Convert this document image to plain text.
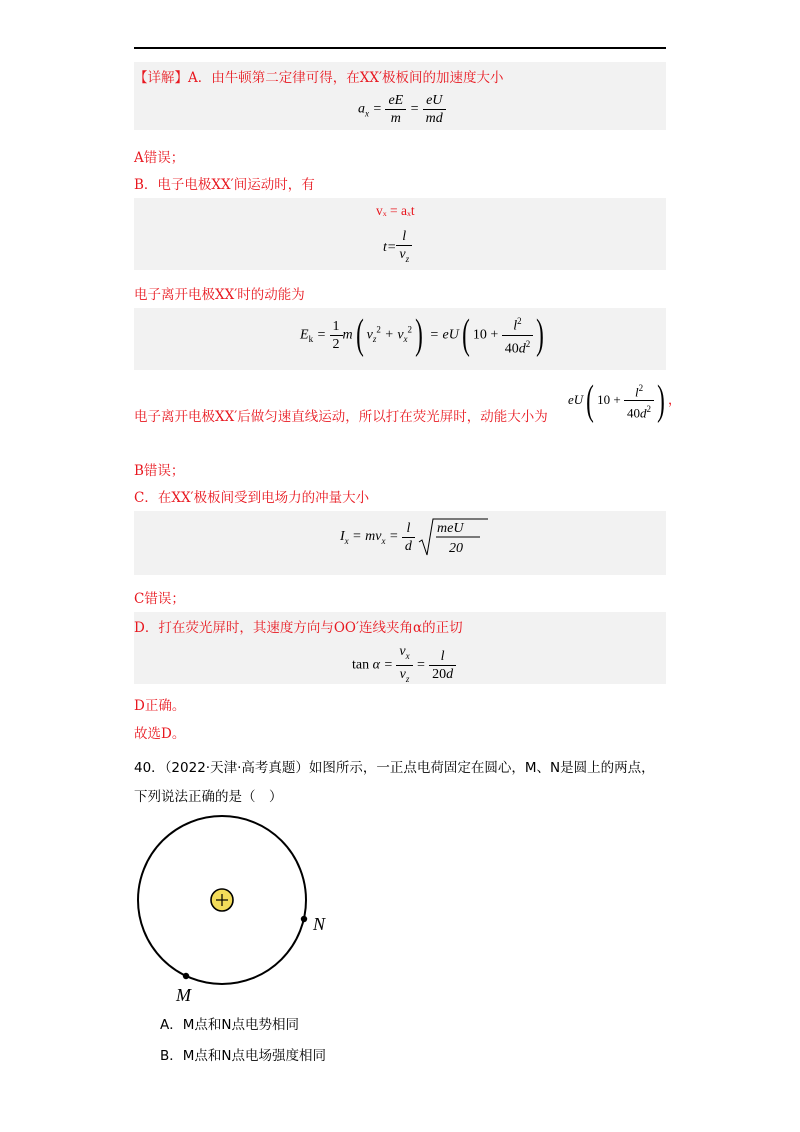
【详解】A．由牛顿第二定律可得，在XX′极板间的加速度大小
$a_x = \frac{eE}{m} = \frac{eU}{md}$
A错误；
B．电子电极XX′间运动时，有
vₓ = aₓt
$t= \frac{l}{v_z}$
电子离开电极XX′时的动能为
$E_k = \frac{1}{2} m$( $v_z^2 + v_x^2) = eU$( $10 + \frac{l^2}{40d^2}$ )
电子离开电极XX′后做匀速直线运动，所以打在荧光屏时，动能大小为
eU( $10 + \frac{l^2}{40d^2}$ ) ，
B错误；
C．在XX′极板间受到电场力的冲量大小
$I_x = mv_x = \frac{l}{d}$
meU
20
C错误；
D．打在荧光屏时，其速度方向与OO′连线夹角α的正切
$\tan \alpha = \frac{v_x}{v_z} = \frac{l}{20d}$
D正确。
故选D。
40．（2022·天津·高考真题）如图所示，一正点电荷固定在圆心，M、N是圆上的两点，
下列说法正确的是（　）
N
M
A．M点和N点电势相同
B．M点和N点电场强度相同
